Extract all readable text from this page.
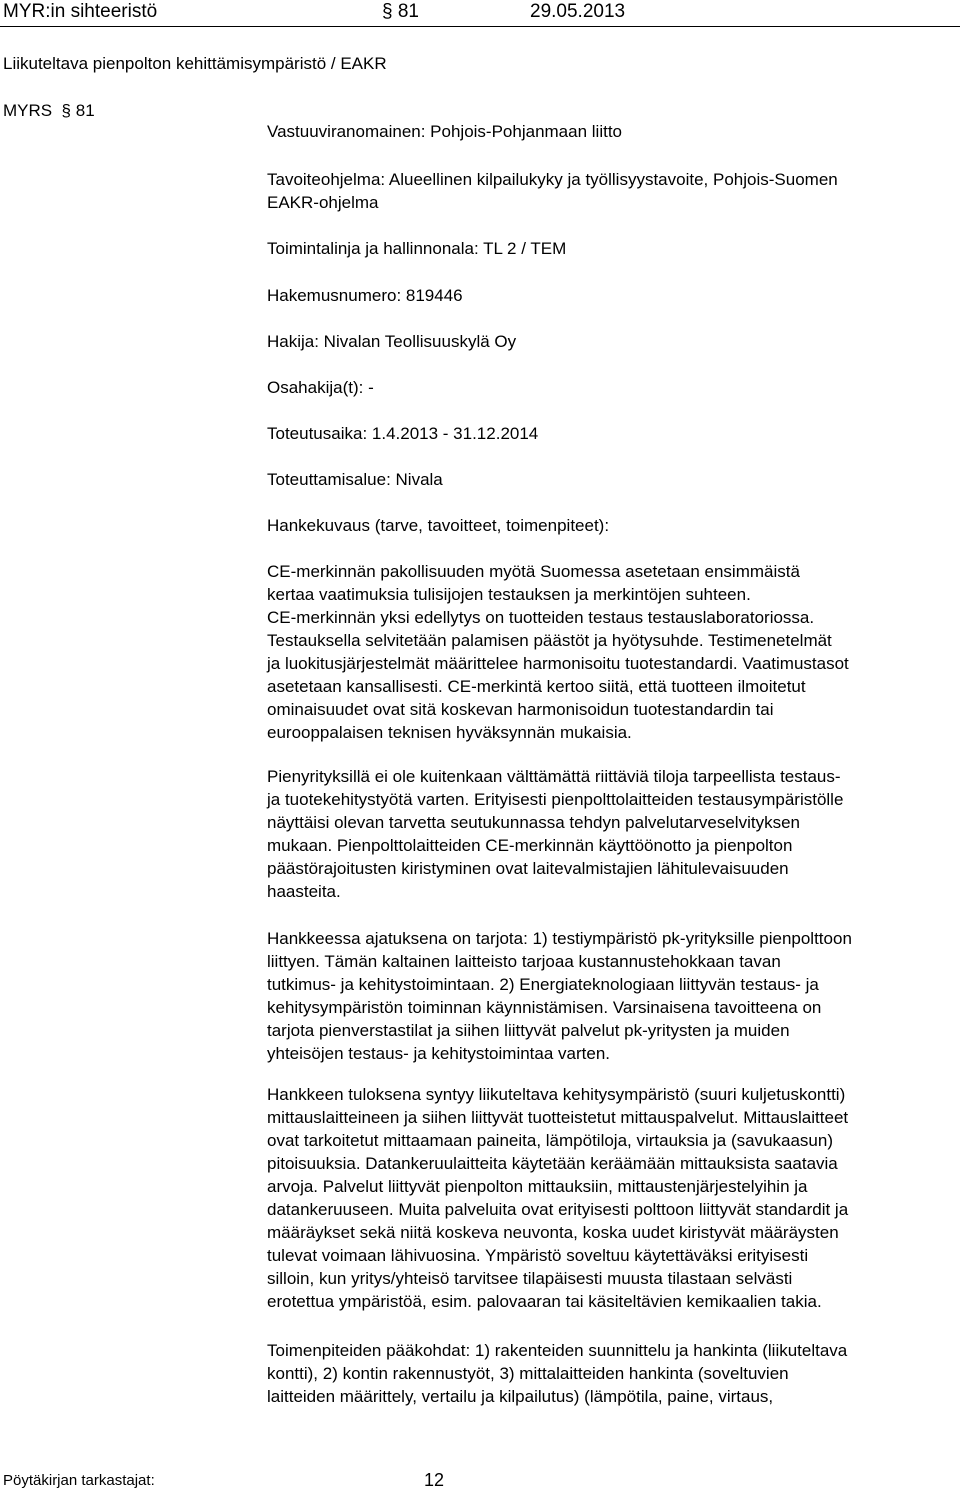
MYR:in sihteeristö	§ 81	29.05.2013
Liikuteltava pienpolton kehittämisympäristö / EAKR
MYRS  § 81
Vastuuviranomainen: Pohjois-Pohjanmaan liitto
Tavoiteohjelma: Alueellinen kilpailukyky ja työllisyystavoite, Pohjois-Suomen
EAKR-ohjelma
Toimintalinja ja hallinnonala: TL 2 / TEM
Hakemusnumero: 819446
Hakija: Nivalan Teollisuuskylä Oy
Osahakija(t): -
Toteutusaika: 1.4.2013 - 31.12.2014
Toteuttamisalue: Nivala
Hankekuvaus (tarve, tavoitteet, toimenpiteet):
CE-merkinnän pakollisuuden myötä Suomessa asetetaan ensimmäistä
kertaa vaatimuksia tulisijojen testauksen ja merkintöjen suhteen.
CE-merkinnän yksi edellytys on tuotteiden testaus testauslaboratoriossa.
Testauksella selvitetään palamisen päästöt ja hyötysuhde. Testimenetelmät
ja luokitusjärjestelmät määrittelee harmonisoitu tuotestandardi. Vaatimustasot
asetetaan kansallisesti. CE-merkintä kertoo siitä, että tuotteen ilmoitetut
ominaisuudet ovat sitä koskevan harmonisoidun tuotestandardin tai
eurooppalaisen teknisen hyväksynnän mukaisia.
Pienyrityksillä ei ole kuitenkaan välttämättä riittäviä tiloja tarpeellista testaus-
ja tuotekehitystyötä varten. Erityisesti pienpolttolaitteiden testausympäristölle
näyttäisi olevan tarvetta seutukunnassa tehdyn palvelutarveselvityksen
mukaan. Pienpolttolaitteiden CE-merkinnän käyttöönotto ja pienpolton
päästörajoitusten kiristyminen ovat laitevalmistajien lähitulevaisuuden
haasteita.
Hankkeessa ajatuksena on tarjota: 1) testiympäristö pk-yrityksille pienpolttoon
liittyen. Tämän kaltainen laitteisto tarjoaa kustannustehokkaan tavan
tutkimus- ja kehitystoimintaan. 2) Energiateknologiaan liittyvän testaus- ja
kehitysympäristön toiminnan käynnistämisen. Varsinaisena tavoitteena on
tarjota pienverstastilat ja siihen liittyvät palvelut pk-yritysten ja muiden
yhteisöjen testaus- ja kehitystoimintaa varten.
Hankkeen tuloksena syntyy liikuteltava kehitysympäristö (suuri kuljetuskontti)
mittauslaitteineen ja siihen liittyvät tuotteistetut mittauspalvelut. Mittauslaitteet
ovat tarkoitetut mittaamaan paineita, lämpötiloja, virtauksia ja (savukaasun)
pitoisuuksia. Datankeruulaitteita käytetään keräämään mittauksista saatavia
arvoja. Palvelut liittyvät pienpolton mittauksiin, mittaustenjärjestelyihin ja
datankeruuseen. Muita palveluita ovat erityisesti polttoon liittyvät standardit ja
määräykset sekä niitä koskeva neuvonta, koska uudet kiristyvät määräysten
tulevat voimaan lähivuosina. Ympäristö soveltuu käytettäväksi erityisesti
silloin, kun yritys/yhteisö tarvitsee tilapäisesti muusta tilastaan selvästi
erotettua ympäristöä, esim. palovaaran tai käsiteltävien kemikaalien takia.
Toimenpiteiden pääkohdat: 1) rakenteiden suunnittelu ja hankinta (liikuteltava
kontti), 2) kontin rakennustyöt, 3) mittalaitteiden hankinta (soveltuvien
laitteiden määrittely, vertailu ja kilpailutus) (lämpötila, paine, virtaus,
Pöytäkirjan tarkastajat:	12
